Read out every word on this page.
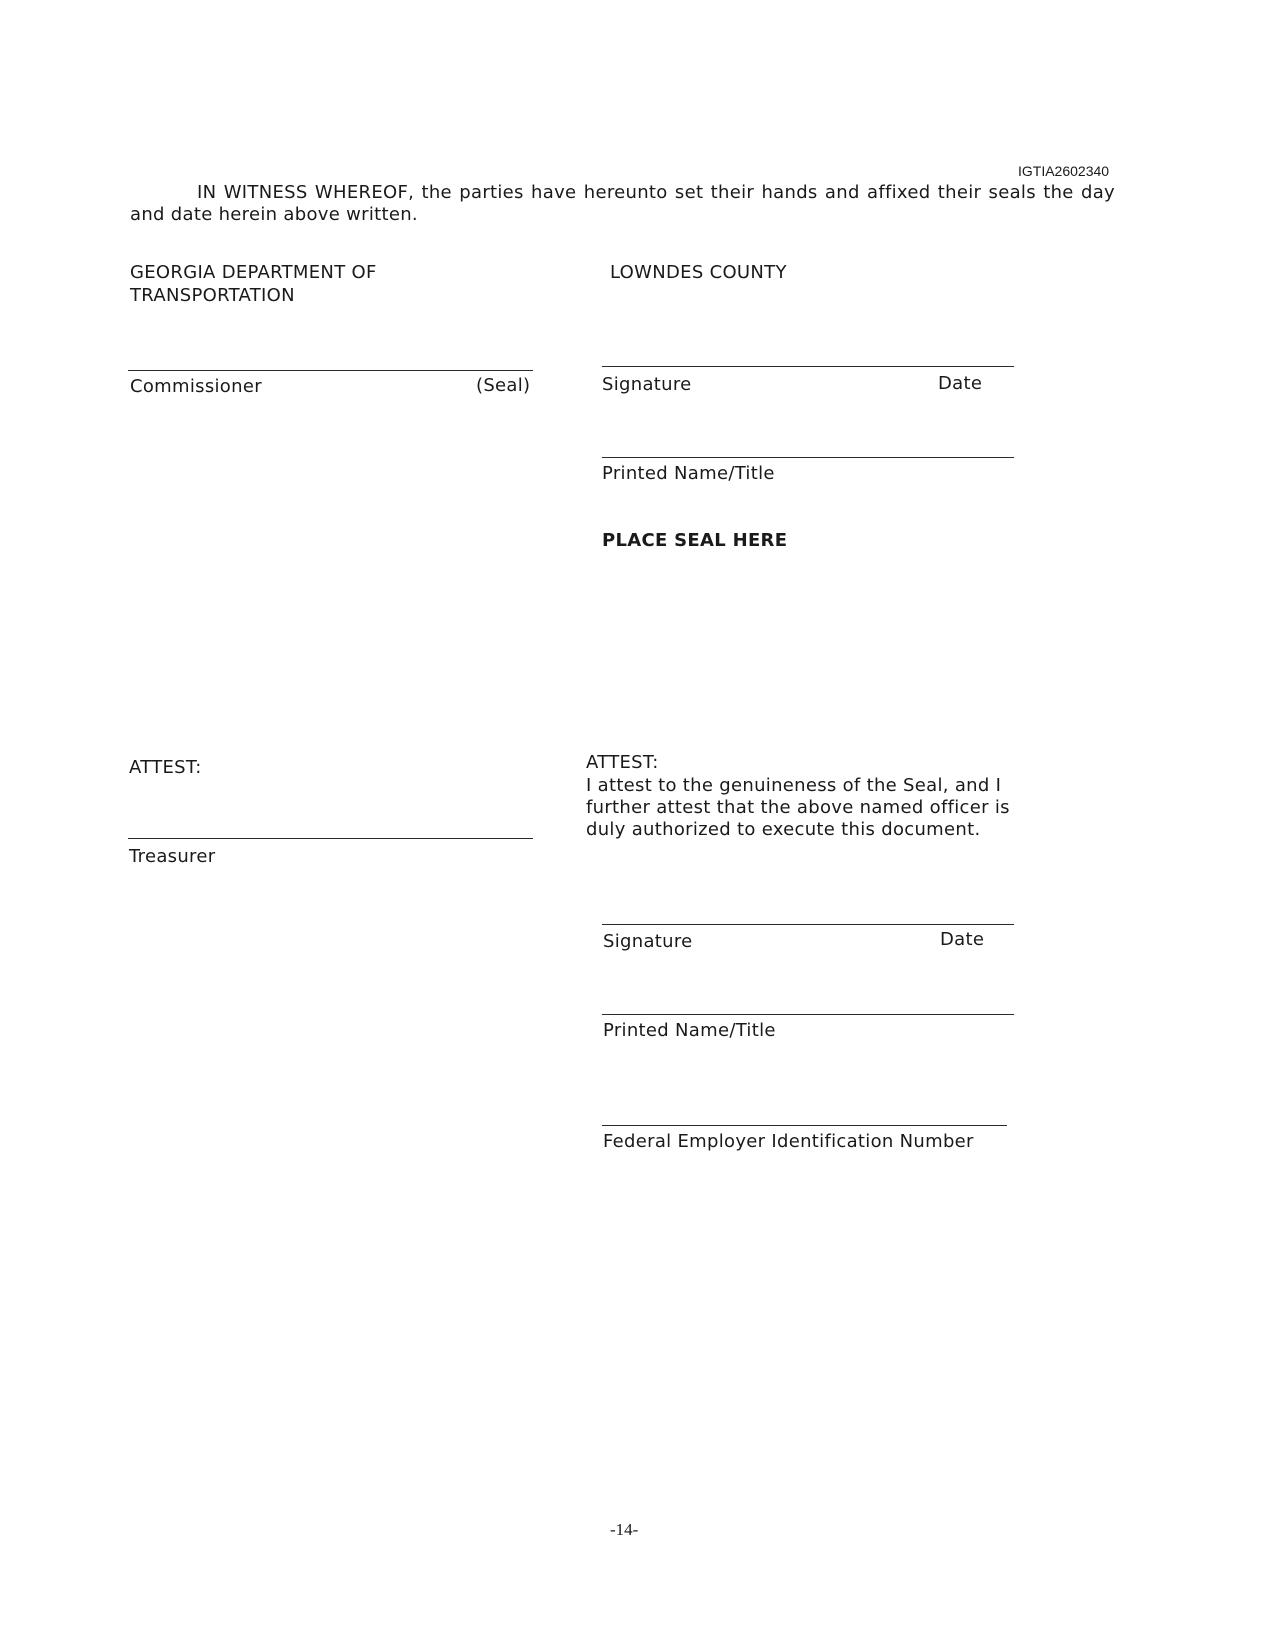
IGTIA2602340
IN WITNESS WHEREOF, the parties have hereunto set their hands and affixed their seals the day and date herein above written.
GEORGIA DEPARTMENT OF
TRANSPORTATION
Commissioner	(Seal)
ATTEST:
Treasurer
LOWNDES COUNTY
Signature	Date
Printed Name/Title
PLACE SEAL HERE
ATTEST:
I attest to the genuineness of the Seal, and I
further attest that the above named officer is
duly authorized to execute this document.
Signature	Date
Printed Name/Title
Federal Employer Identification Number
-14-
